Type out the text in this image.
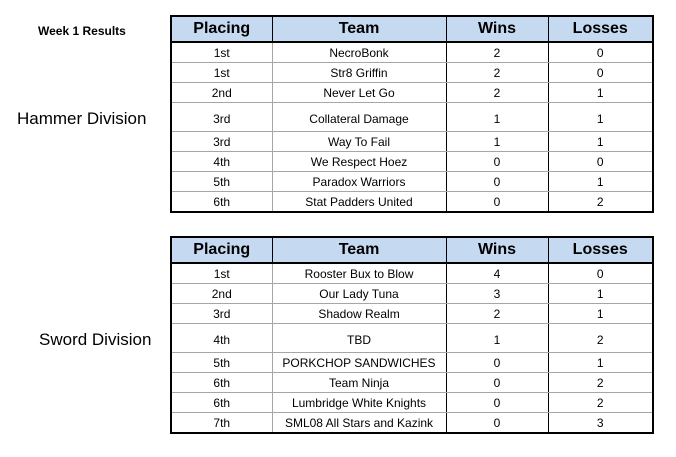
Week 1 Results
Hammer Division
Sword Division
Placing	Team	Wins	Losses
1st	NecroBonk	2	0
1st	Str8 Griffin	2	0
2nd	Never Let Go	2	1
3rd	Collateral Damage	1	1
3rd	Way To Fail	1	1
4th	We Respect Hoez	0	0
5th	Paradox Warriors	0	1
6th	Stat Padders United	0	2
Placing	Team	Wins	Losses
1st	Rooster Bux to Blow	4	0
2nd	Our Lady Tuna	3	1
3rd	Shadow Realm	2	1
4th	TBD	1	2
5th	PORKCHOP SANDWICHES	0	1
6th	Team Ninja	0	2
6th	Lumbridge White Knights	0	2
7th	SML08 All Stars and Kazink	0	3
